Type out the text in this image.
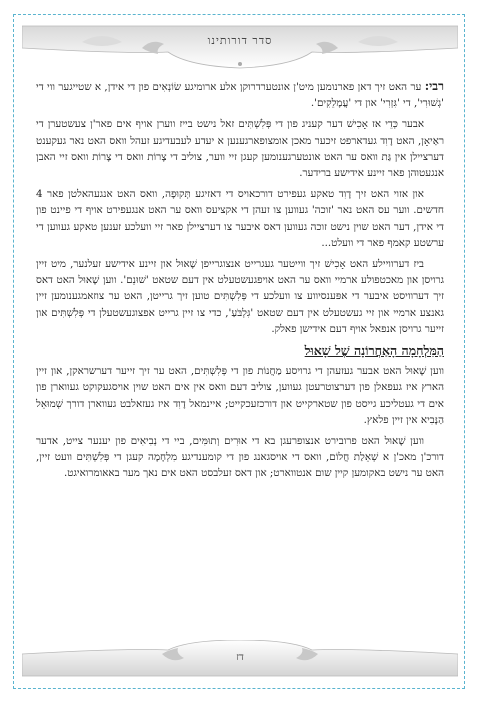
סדר דורותינו

רבי: ער האט זיך דאן פארנומען מיט'ן אונטערדרוקן אלע ארומיגע שׂוֹנְאִים פון די אידן, א שטייגער ווי די 'גְשׁוּרִי', די 'גִּזְרִי' און די 'עֲמָלֵקִים'.

אבער כְּדֵי אז אָכִישׁ דער קעניג פון די פְּלִשְׁתִּים זאל נישט בייז ווערן אויף אים פאר'ן צעשטערן די ראַיאָן, האט דָוִד געדארפט זיכער מאכן אומצופארגענען א יעדע לעבעדיגע זעהל וואס האט נאר געקענט דערציילן אין גַּת וואס ער האט אונטערגענומען קעגן זיי ווער, צוליב די צָרוֹת וואס די צָרוֹת וואס זיי האבן אנגעטוהן פאר זיינע אידישע ברידער.

און אזוי האט זיך דָוִד טאקע געפירט דורכאויס די דאזיגע תְּקוּפָה, וואס האט אנגעהאלטן פאר 4 חדשים. ווער עס האט נאר 'זוכה' געווען צו זעהן די אקציעס וואס ער האט אנגעפירט אויף די פיינט פון די אידן, דער האט שוין נישט זוכה געווען דאס איבער צו דערציילן פאר זיי וועלכע זענען טאקע געווען די ערשטע קאמף פאר די וועלט...

ביז דערוויילע האט אָכִישׁ זיך ווייטער געגרייט אנצוגרייפן שָׁאוּל און זיינע אידישע זעלנער, מיט זיין גרויסן און מאכטפולע ארמיי וואס ער האט אויפגעשטעלט אין דעם שטאט 'שׁוּנֵם'. ווען שָׁאוּל האט דאס זיך דערוויסט איבער די אפּענסיווע צו וועלכע די פְּלִשְׁתִּים טוען זיך גרייטן, האט ער צוזאמגענומען זיין גאנצע ארמיי און זיי געשטעלט אין דעם שטאט 'גִּלְבֹּעַ', כדי צו זיין גרייט אפצוגעשטעלן די פְּלִשְׁתִּים און זייער גרויסן אנפאל אויף דעם אידישן פאלק.

הַמִּלְחָמָה הָאַחֲרוֹנָה שֶׁל שָׁאוּל

ווען שָׁאוּל האט אבער געזעהן די גרויסע מַחֲנוֹת פון די פְּלִשְׁתִּים, האט ער זיך זייער דערשראקן, און זיין הארץ איז געפאלן פון דערצוטרעטן געווען, צוליב דעם וואס אין אים האט שוין אויסגעקוקט געווארן פון אים די געטליכע גייסט פון שטארקייט און דורכזעכקייט; איינמאל דָוִד איז געזאלבט געווארן דורך שְׁמוּאֵל הַנָּבִיא אין זיין פלאץ.

ווען שָׁאוּל האט פרובירט אנצופרעגן בא די אוּרִים וְתוּמִּים, ביי די נְבִיאִים פון יענער צייט, אדער דורכ'ן מאכ'ן א שְׁאֵלַת חֲלוֹם, וואס די אויסגאנג פון די קומענדיגע מִלְחָמָה קעגן די פְּלִשְׁתִּים וועט זיין, האט ער נישט באקומען קיין שום אנטווארט; און דאס זעלבסט האט אים נאך מער באאומרואיגט.

דז
